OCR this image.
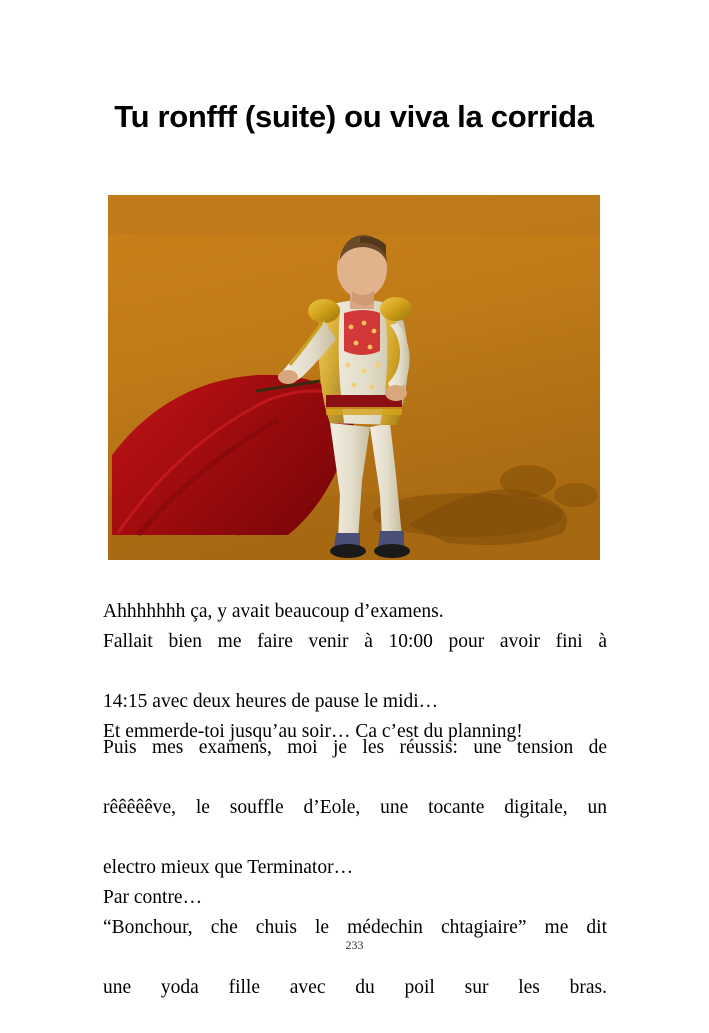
Tu ronfff (suite) ou viva la corrida
Ahhhhhhh ça, y avait beaucoup d’examens.
Fallait bien me faire venir à 10:00 pour avoir fini à
14:15 avec deux heures de pause le midi…
Et emmerde-toi jusqu’au soir… Ca c’est du planning!
Puis mes examens, moi je les réussis: une tension de
rêêêêêve, le souffle d’Eole, une tocante digitale, un
electro mieux que Terminator…
Par contre…
“Bonchour, che chuis le médechin chtagiaire” me dit
une yoda fille avec du poil sur les bras.
233
